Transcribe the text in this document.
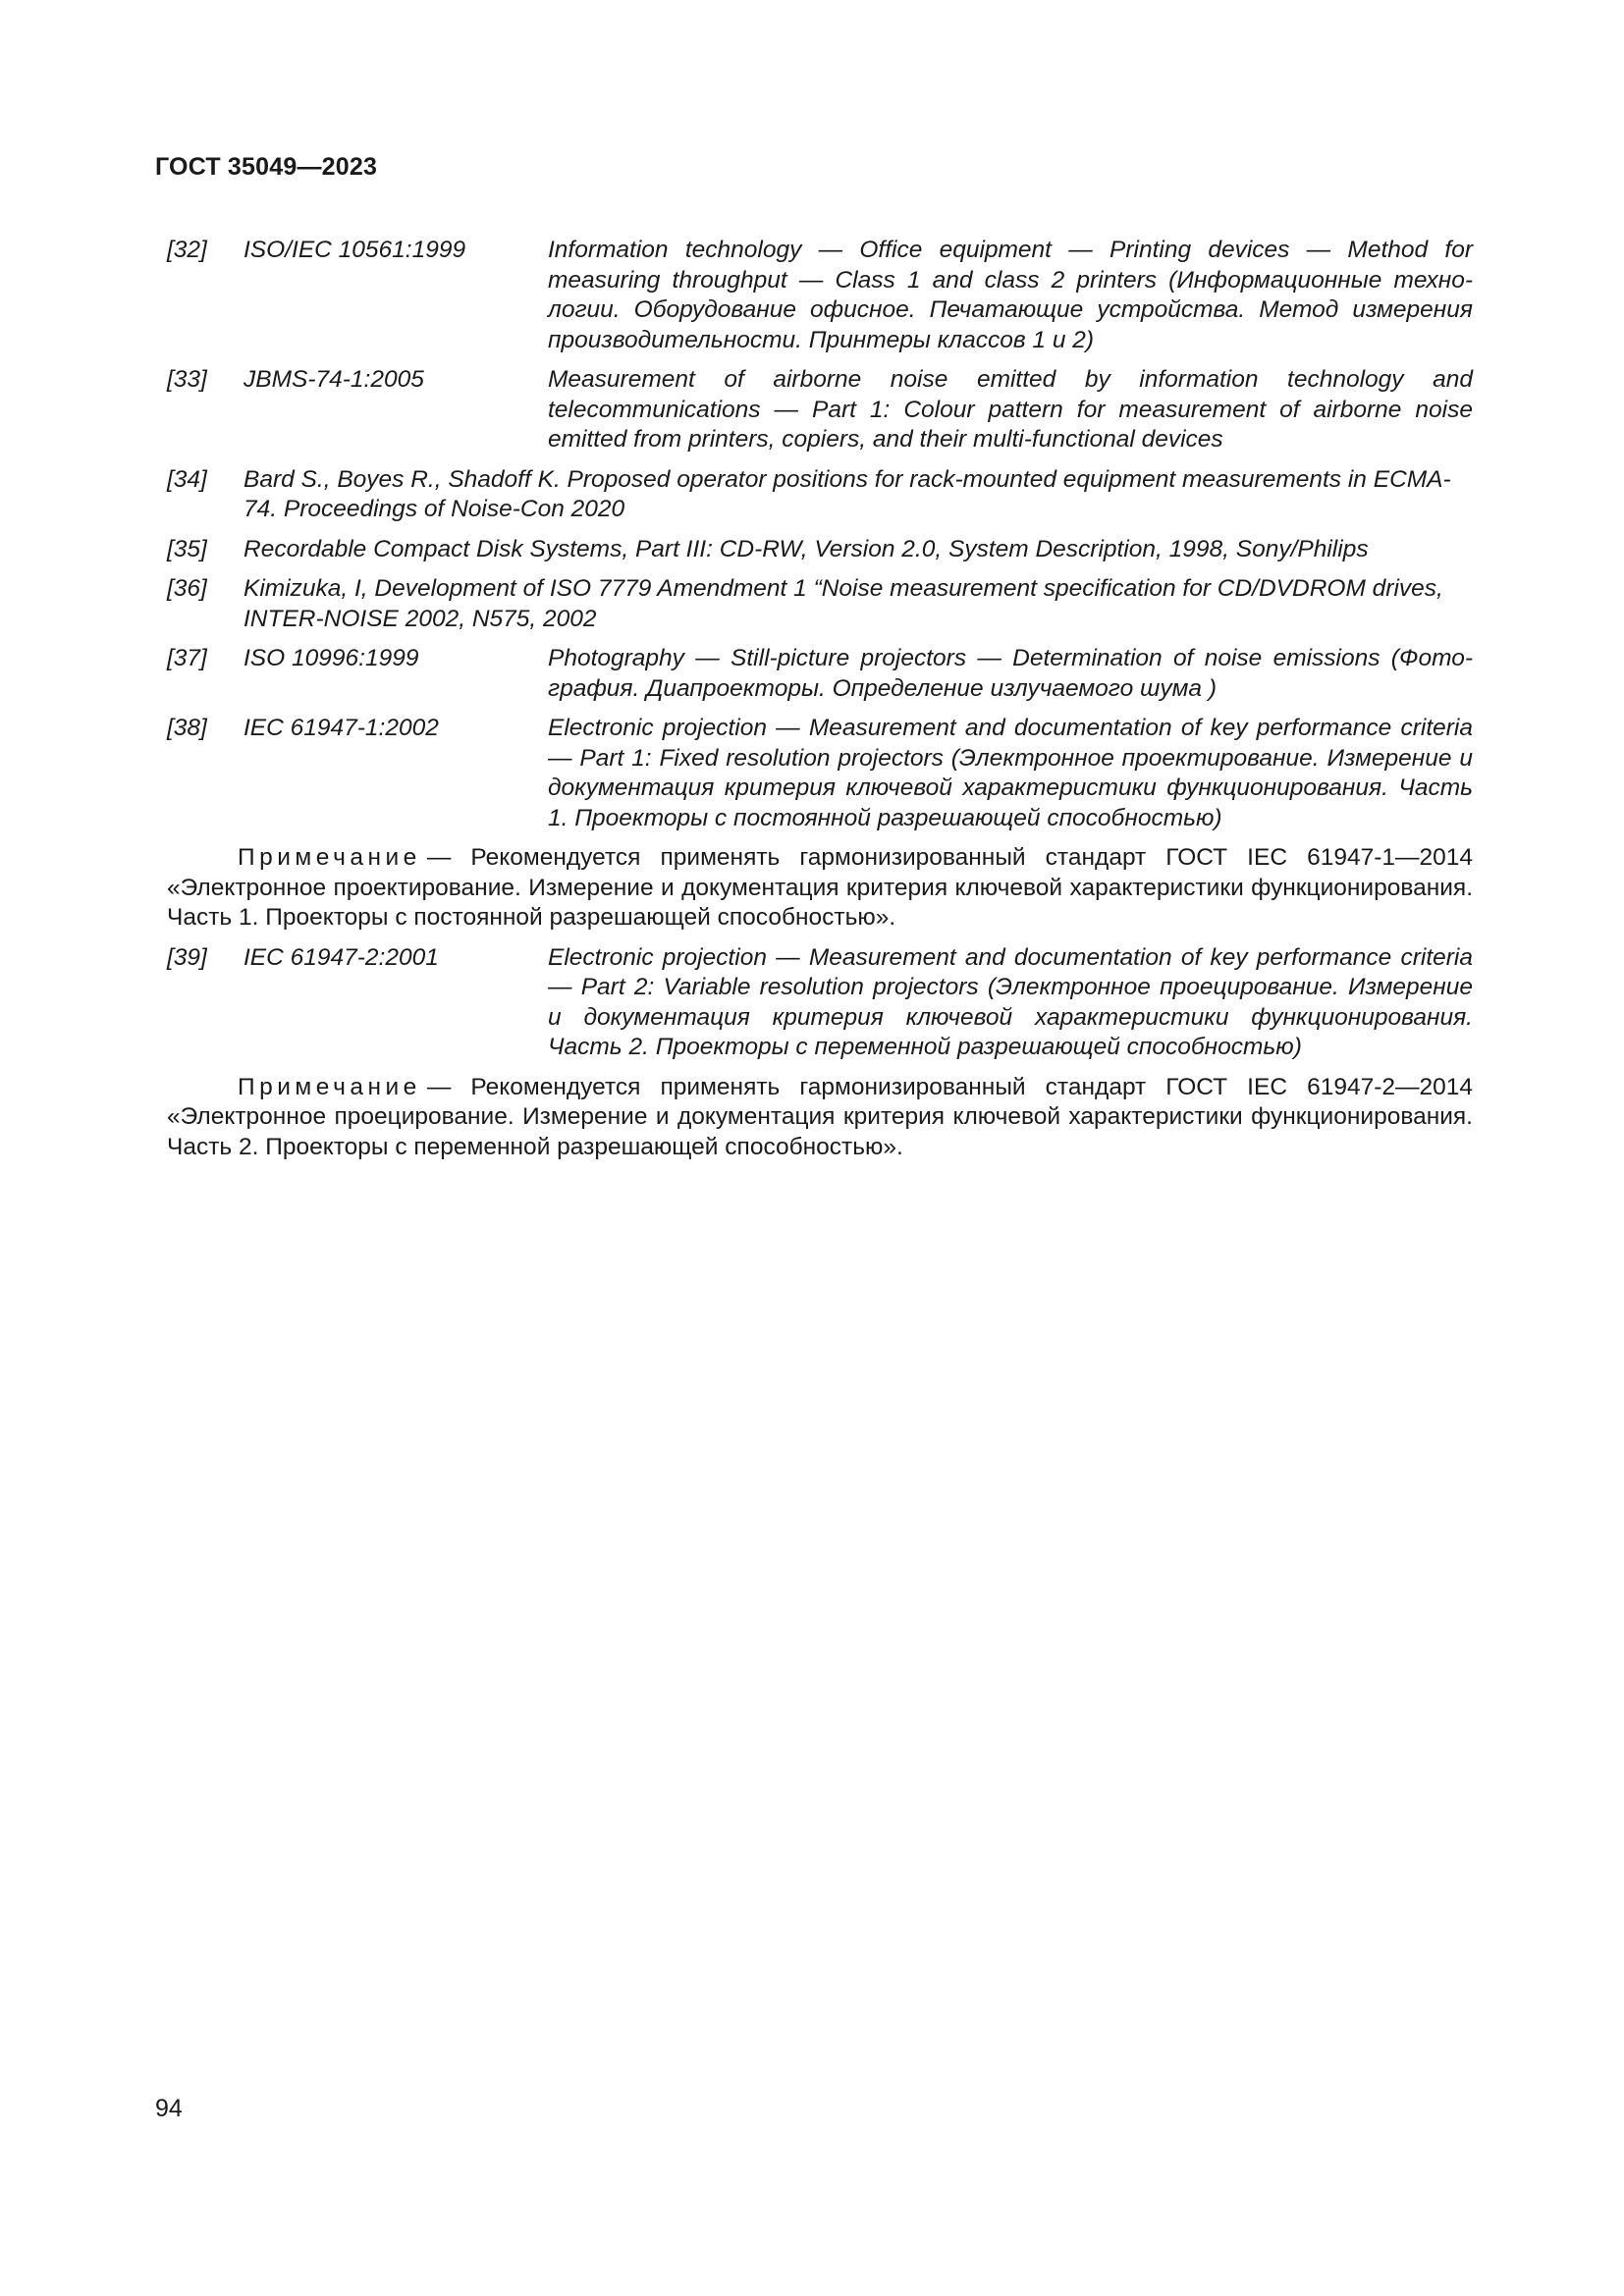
ГОСТ 35049—2023
[32]	ISO/IEC 10561:1999	Information technology — Office equipment — Printing devices — Method for measuring throughput — Class 1 and class 2 printers (Информационные технологии. Оборудование офисное. Печатающие устройства. Метод измерения производительности. Принтеры классов 1 и 2)
[33]	JBMS-74-1:2005	Measurement of airborne noise emitted by information technology and telecommunications — Part 1: Colour pattern for measurement of airborne noise emitted from printers, copiers, and their multi-functional devices
[34]	Bard S., Boyes R., Shadoff K. Proposed operator positions for rack-mounted equipment measurements in ECMA-74. Proceedings of Noise-Con 2020
[35]	Recordable Compact Disk Systems, Part III: CD-RW, Version 2.0, System Description, 1998, Sony/Philips
[36]	Kimizuka, I, Development of ISO 7779 Amendment 1 “Noise measurement specification for CD/DVDROM drives, INTER-NOISE 2002, N575, 2002
[37]	ISO 10996:1999	Photography — Still-picture projectors — Determination of noise emissions (Фотография. Диапроекторы. Определение излучаемого шума )
[38]	IEC 61947-1:2002	Electronic projection — Measurement and documentation of key performance criteria — Part 1: Fixed resolution projectors (Электронное проектирование. Измерение и документация критерия ключевой характеристики функционирования. Часть 1. Проекторы с постоянной разрешающей способностью)

Примечание — Рекомендуется применять гармонизированный стандарт ГОСТ IEC 61947-1—2014 «Электронное проектирование. Измерение и документация критерия ключевой характеристики функционирования. Часть 1. Проекторы с постоянной разрешающей способностью».

[39]	IEC 61947-2:2001	Electronic projection — Measurement and documentation of key performance criteria — Part 2: Variable resolution projectors (Электронное проецирование. Измерение и документация критерия ключевой характеристики функционирования. Часть 2. Проекторы с переменной разрешающей способностью)

Примечание — Рекомендуется применять гармонизированный стандарт ГОСТ IEC 61947-2—2014 «Электронное проецирование. Измерение и документация критерия ключевой характеристики функционирования. Часть 2. Проекторы с переменной разрешающей способностью».

94
